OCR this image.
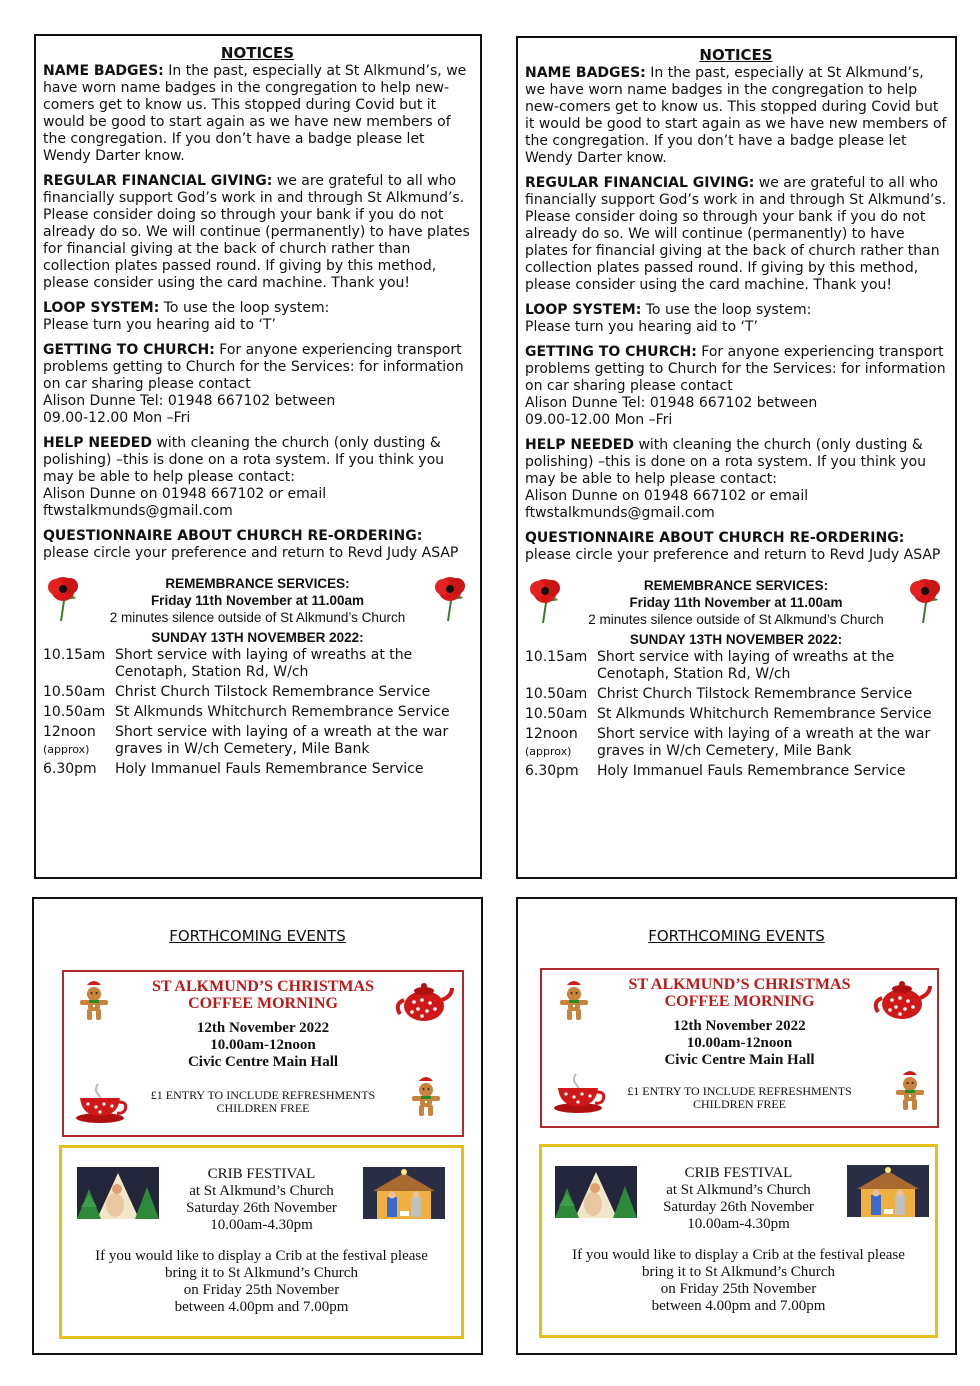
NOTICES

NAME BADGES: In the past, especially at St Alkmund’s, we have worn name badges in the congregation to help new-comers get to know us. This stopped during Covid but it would be good to start again as we have new members of the congregation. If you don’t have a badge please let Wendy Darter know.

REGULAR FINANCIAL GIVING: we are grateful to all who financially support God’s work in and through St Alkmund’s. Please consider doing so through your bank if you do not already do so. We will continue (permanently) to have plates for financial giving at the back of church rather than collection plates passed round. If giving by this method, please consider using the card machine. Thank you!

LOOP SYSTEM: To use the loop system:
Please turn you hearing aid to ‘T’

GETTING TO CHURCH: For anyone experiencing transport problems getting to Church for the Services: for information on car sharing please contact
Alison Dunne Tel: 01948 667102 between
09.00-12.00 Mon –Fri

HELP NEEDED with cleaning the church (only dusting & polishing) –this is done on a rota system. If you think you may be able to help please contact:
Alison Dunne on 01948 667102 or email
ftwstalkmunds@gmail.com

QUESTIONNAIRE ABOUT CHURCH RE-ORDERING:
please circle your preference and return to Revd Judy ASAP

REMEMBRANCE SERVICES:
Friday 11th November at 11.00am
2 minutes silence outside of St Alkmund’s Church
SUNDAY 13TH NOVEMBER 2022:
10.15am	Short service with laying of wreaths at the
Cenotaph, Station Rd, W/ch
10.50am	Christ Church Tilstock Remembrance Service
10.50am	St Alkmunds Whitchurch Remembrance Service
12noon
(approx)	Short service with laying of a wreath at the war
graves in W/ch Cemetery, Mile Bank
6.30pm	Holy Immanuel Fauls Remembrance Service
NOTICES

NAME BADGES: In the past, especially at St Alkmund’s, we have worn name badges in the congregation to help new-comers get to know us. This stopped during Covid but it would be good to start again as we have new members of the congregation. If you don’t have a badge please let Wendy Darter know.

REGULAR FINANCIAL GIVING: we are grateful to all who financially support God’s work in and through St Alkmund’s. Please consider doing so through your bank if you do not already do so. We will continue (permanently) to have plates for financial giving at the back of church rather than collection plates passed round. If giving by this method, please consider using the card machine. Thank you!

LOOP SYSTEM: To use the loop system:
Please turn you hearing aid to ‘T’

GETTING TO CHURCH: For anyone experiencing transport problems getting to Church for the Services: for information on car sharing please contact
Alison Dunne Tel: 01948 667102 between
09.00-12.00 Mon –Fri

HELP NEEDED with cleaning the church (only dusting & polishing) –this is done on a rota system. If you think you may be able to help please contact:
Alison Dunne on 01948 667102 or email
ftwstalkmunds@gmail.com

QUESTIONNAIRE ABOUT CHURCH RE-ORDERING:
please circle your preference and return to Revd Judy ASAP

REMEMBRANCE SERVICES:
Friday 11th November at 11.00am
2 minutes silence outside of St Alkmund’s Church
SUNDAY 13TH NOVEMBER 2022:
10.15am	Short service with laying of wreaths at the
Cenotaph, Station Rd, W/ch
10.50am	Christ Church Tilstock Remembrance Service
10.50am	St Alkmunds Whitchurch Remembrance Service
12noon
(approx)	Short service with laying of a wreath at the war
graves in W/ch Cemetery, Mile Bank
6.30pm	Holy Immanuel Fauls Remembrance Service
FORTHCOMING EVENTS
ST ALKMUND’S CHRISTMAS
COFFEE MORNING
12th November 2022
10.00am-12noon
Civic Centre Main Hall
£1 ENTRY TO INCLUDE REFRESHMENTS
CHILDREN FREE
CRIB FESTIVAL
at St Alkmund’s Church
Saturday 26th November
10.00am-4.30pm
If you would like to display a Crib at the festival please
bring it to St Alkmund’s Church
on Friday 25th November
between 4.00pm and 7.00pm
FORTHCOMING EVENTS
ST ALKMUND’S CHRISTMAS
COFFEE MORNING
12th November 2022
10.00am-12noon
Civic Centre Main Hall
£1 ENTRY TO INCLUDE REFRESHMENTS
CHILDREN FREE
CRIB FESTIVAL
at St Alkmund’s Church
Saturday 26th November
10.00am-4.30pm
If you would like to display a Crib at the festival please
bring it to St Alkmund’s Church
on Friday 25th November
between 4.00pm and 7.00pm
